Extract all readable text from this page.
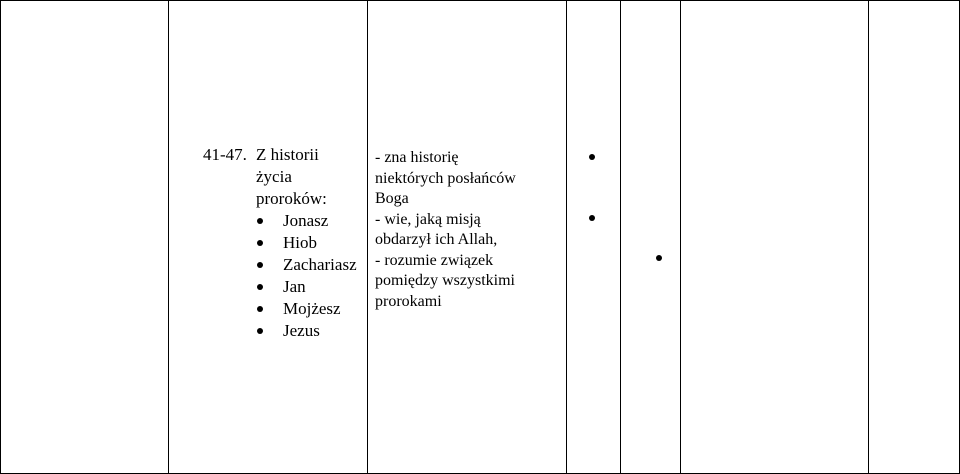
41-47. Z historii
życia
proroków:
Jonasz
Hiob
Zachariasz
Jan
Mojżesz
Jezus
- zna historię
niektórych posłańców
Boga
- wie, jaką misją
obdarzył ich Allah,
- rozumie związek
pomiędzy wszystkimi
prorokami
